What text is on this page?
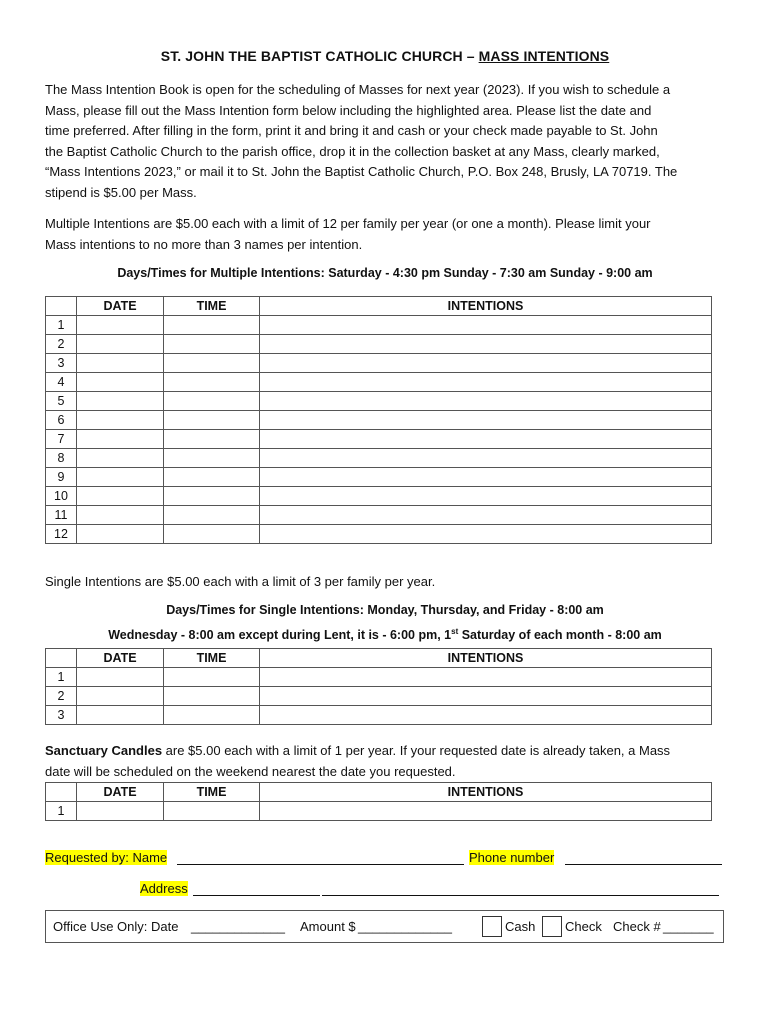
ST. JOHN THE BAPTIST CATHOLIC CHURCH – MASS INTENTIONS
The Mass Intention Book is open for the scheduling of Masses for next year (2023). If you wish to schedule a
Mass, please fill out the Mass Intention form below including the highlighted area. Please list the date and
time preferred. After filling in the form, print it and bring it and cash or your check made payable to St. John
the Baptist Catholic Church to the parish office, drop it in the collection basket at any Mass, clearly marked,
“Mass Intentions 2023,” or mail it to St. John the Baptist Catholic Church, P.O. Box 248, Brusly, LA 70719. The
stipend is $5.00 per Mass.
Multiple Intentions are $5.00 each with a limit of 12 per family per year (or one a month). Please limit your
Mass intentions to no more than 3 names per intention.
Days/Times for Multiple Intentions: Saturday - 4:30 pm Sunday - 7:30 am Sunday - 9:00 am
	DATE	TIME	INTENTIONS
1			
2			
3			
4			
5			
6			
7			
8			
9			
10			
11			
12			
Single Intentions are $5.00 each with a limit of 3 per family per year.
Days/Times for Single Intentions: Monday, Thursday, and Friday - 8:00 am
Wednesday - 8:00 am except during Lent, it is - 6:00 pm, 1st Saturday of each month - 8:00 am
	DATE	TIME	INTENTIONS
1			
2			
3			
Sanctuary Candles are $5.00 each with a limit of 1 per year. If your requested date is already taken, a Mass
date will be scheduled on the weekend nearest the date you requested.
	DATE	TIME	INTENTIONS
1			
Requested by: Name	Phone number
Address
Office Use Only: Date _____________ Amount $ _____________	Cash Check Check # _______
